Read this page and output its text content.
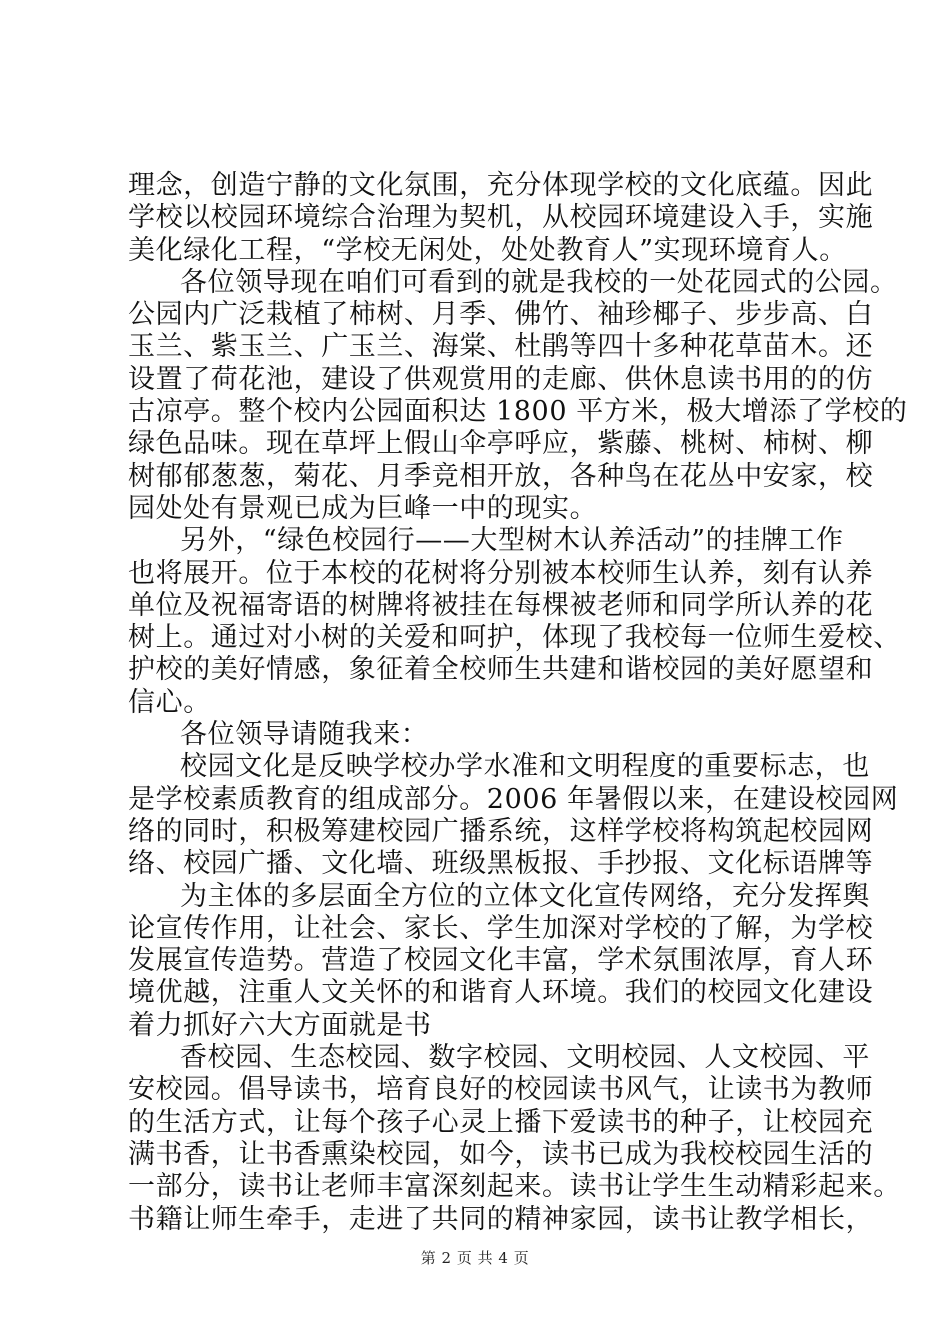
理念，创造宁静的文化氛围，充分体现学校的文化底蕴。因此
学校以校园环境综合治理为契机，从校园环境建设入手，实施
美化绿化工程，“学校无闲处，处处教育人”实现环境育人。
各位领导现在咱们可看到的就是我校的一处花园式的公园。
公园内广泛栽植了柿树、月季、佛竹、袖珍椰子、步步高、白
玉兰、紫玉兰、广玉兰、海棠、杜鹃等四十多种花草苗木。还
设置了荷花池，建设了供观赏用的走廊、供休息读书用的的仿
古凉亭。整个校内公园面积达 1800 平方米，极大增添了学校的
绿色品味。现在草坪上假山伞亭呼应，紫藤、桃树、柿树、柳
树郁郁葱葱，菊花、月季竞相开放，各种鸟在花丛中安家，校
园处处有景观已成为巨峰一中的现实。
另外，“绿色校园行——大型树木认养活动”的挂牌工作
也将展开。位于本校的花树将分别被本校师生认养，刻有认养
单位及祝福寄语的树牌将被挂在每棵被老师和同学所认养的花
树上。通过对小树的关爱和呵护，体现了我校每一位师生爱校、
护校的美好情感，象征着全校师生共建和谐校园的美好愿望和
信心。
各位领导请随我来：
校园文化是反映学校办学水准和文明程度的重要标志，也
是学校素质教育的组成部分。2006 年暑假以来，在建设校园网
络的同时，积极筹建校园广播系统，这样学校将构筑起校园网
络、校园广播、文化墙、班级黑板报、手抄报、文化标语牌等
为主体的多层面全方位的立体文化宣传网络，充分发挥舆
论宣传作用，让社会、家长、学生加深对学校的了解，为学校
发展宣传造势。营造了校园文化丰富，学术氛围浓厚，育人环
境优越，注重人文关怀的和谐育人环境。我们的校园文化建设
着力抓好六大方面就是书
香校园、生态校园、数字校园、文明校园、人文校园、平
安校园。倡导读书，培育良好的校园读书风气，让读书为教师
的生活方式，让每个孩子心灵上播下爱读书的种子，让校园充
满书香，让书香熏染校园，如今，读书已成为我校校园生活的
一部分，读书让老师丰富深刻起来。读书让学生生动精彩起来。
书籍让师生牵手，走进了共同的精神家园，读书让教学相长，
第 2 页 共 4 页
